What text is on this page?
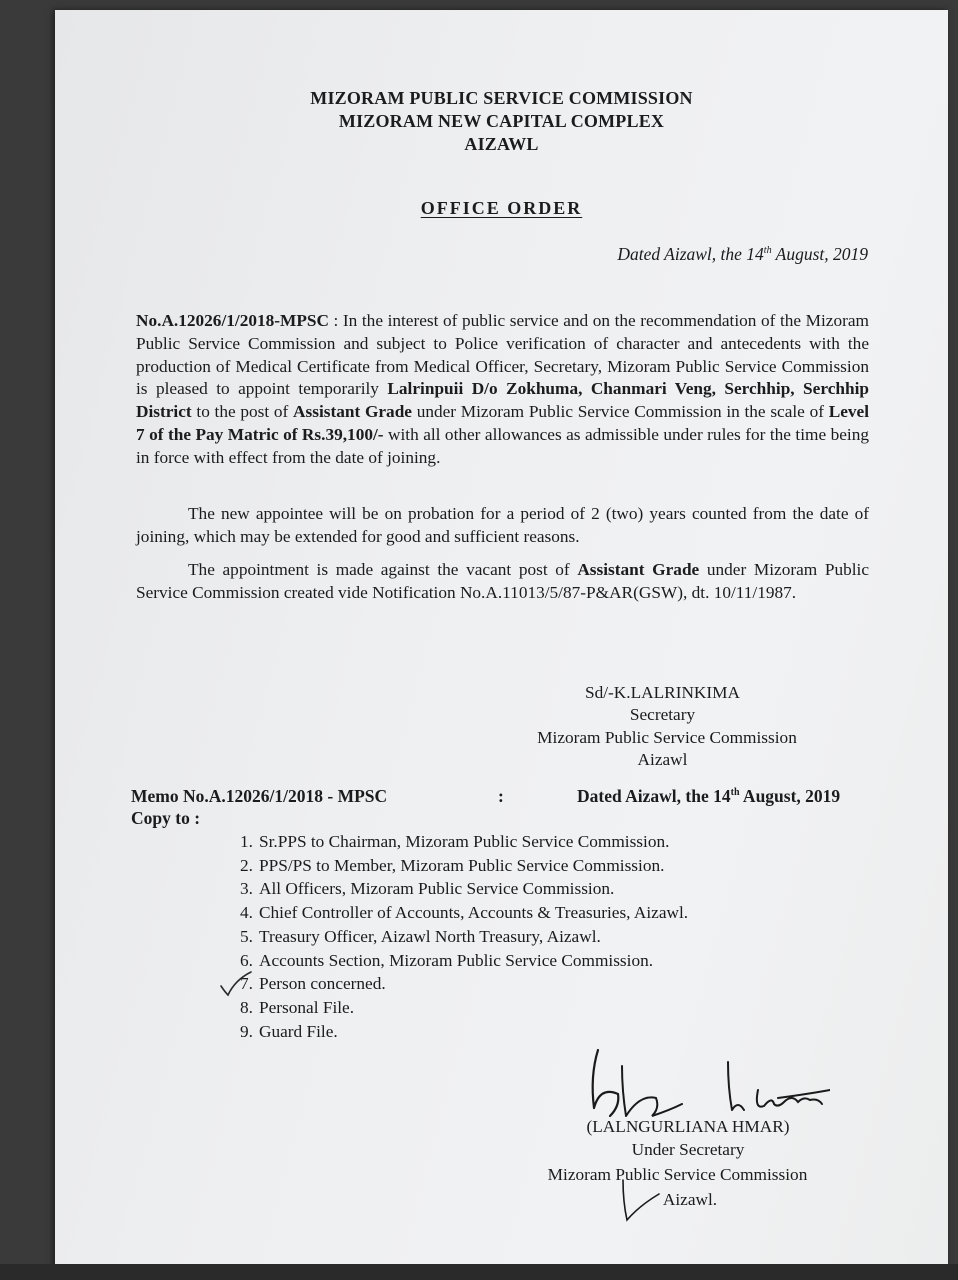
MIZORAM PUBLIC SERVICE COMMISSION
MIZORAM NEW CAPITAL COMPLEX
AIZAWL
OFFICE ORDER
Dated Aizawl, the 14th August, 2019
No.A.12026/1/2018-MPSC : In the interest of public service and on the recommendation of the Mizoram Public Service Commission and subject to Police verification of character and antecedents with the production of Medical Certificate from Medical Officer, Secretary, Mizoram Public Service Commission is pleased to appoint temporarily Lalrinpuii D/o Zokhuma, Chanmari Veng, Serchhip, Serchhip District to the post of Assistant Grade under Mizoram Public Service Commission in the scale of Level 7 of the Pay Matric of Rs.39,100/- with all other allowances as admissible under rules for the time being in force with effect from the date of joining.
The new appointee will be on probation for a period of 2 (two) years counted from the date of joining, which may be extended for good and sufficient reasons.
The appointment is made against the vacant post of Assistant Grade under Mizoram Public Service Commission created vide Notification No.A.11013/5/87-P&AR(GSW), dt. 10/11/1987.
Sd/-K.LALRINKIMA
Secretary
Mizoram Public Service Commission
Aizawl
Memo No.A.12026/1/2018 - MPSC	:	Dated Aizawl, the 14th August, 2019
Copy to :
1. Sr.PPS to Chairman, Mizoram Public Service Commission.
2. PPS/PS to Member, Mizoram Public Service Commission.
3. All Officers, Mizoram Public Service Commission.
4. Chief Controller of Accounts, Accounts & Treasuries, Aizawl.
5. Treasury Officer, Aizawl North Treasury, Aizawl.
6. Accounts Section, Mizoram Public Service Commission.
7. Person concerned.
8. Personal File.
9. Guard File.
(LALNGURLIANA HMAR)
Under Secretary
Mizoram Public Service Commission
Aizawl.
